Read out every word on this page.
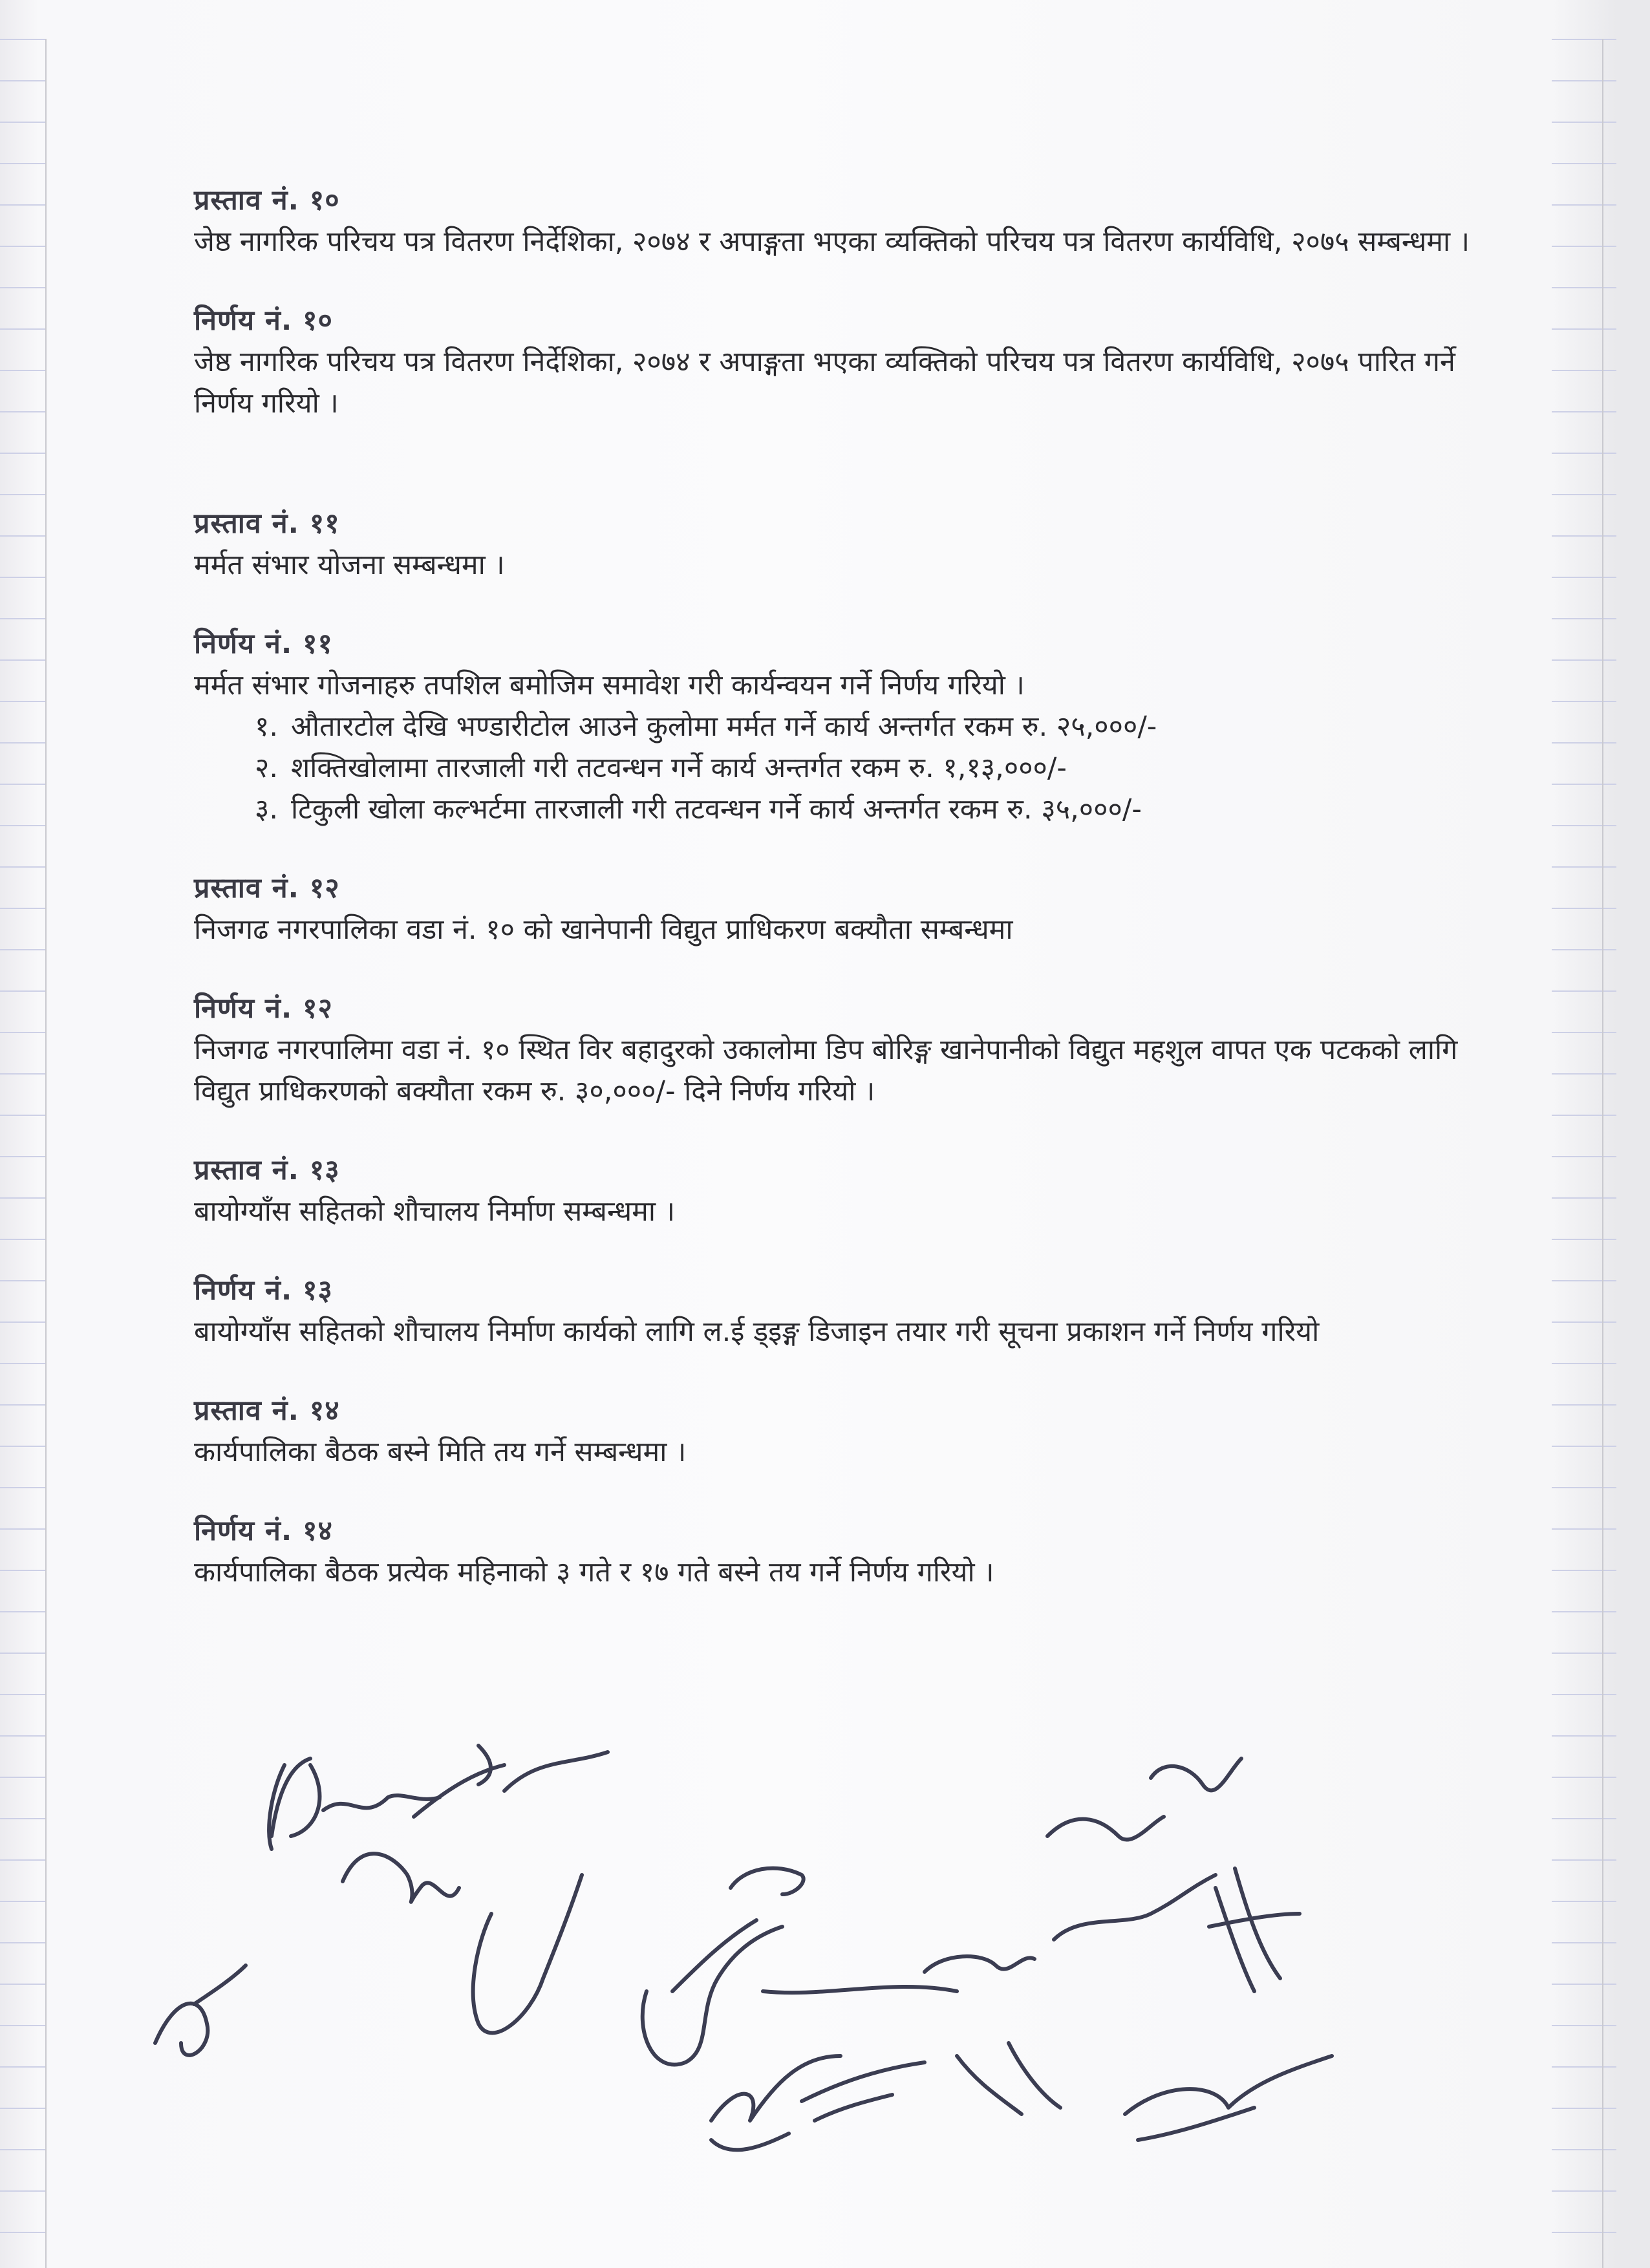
प्रस्ताव नं. १०
जेष्ठ नागरिक परिचय पत्र वितरण निर्देशिका, २०७४ र अपाङ्गता भएका व्यक्तिको परिचय पत्र वितरण कार्यविधि, २०७५ सम्बन्धमा ।
निर्णय नं. १०
जेष्ठ नागरिक परिचय पत्र वितरण निर्देशिका, २०७४ र अपाङ्गता भएका व्यक्तिको परिचय पत्र वितरण कार्यविधि, २०७५ पारित गर्ने निर्णय गरियो ।
प्रस्ताव नं. ११
मर्मत संभार योजना सम्बन्धमा ।
निर्णय नं. ११
मर्मत संभार गोजनाहरु तपशिल बमोजिम समावेश गरी कार्यन्वयन गर्ने निर्णय गरियो ।
१. औतारटोल देखि भण्डारीटोल आउने कुलोमा मर्मत गर्ने कार्य अन्तर्गत रकम रु. २५,०००/-
२. शक्तिखोलामा तारजाली गरी तटवन्धन गर्ने कार्य अन्तर्गत रकम रु. १,१३,०००/-
३. टिकुली खोला कल्भर्टमा तारजाली गरी तटवन्धन गर्ने कार्य अन्तर्गत रकम रु. ३५,०००/-
प्रस्ताव नं. १२
निजगढ नगरपालिका वडा नं. १० को खानेपानी विद्युत प्राधिकरण बक्यौता सम्बन्धमा
निर्णय नं. १२
निजगढ नगरपालिमा वडा नं. १० स्थित विर बहादुरको उकालोमा डिप बोरिङ्ग खानेपानीको विद्युत महशुल वापत एक पटकको लागि विद्युत प्राधिकरणको बक्यौता रकम रु. ३०,०००/- दिने निर्णय गरियो ।
प्रस्ताव नं. १३
बायोग्याँस सहितको शौचालय निर्माण सम्बन्धमा ।
निर्णय नं. १३
बायोग्याँस सहितको शौचालय निर्माण कार्यको लागि ल.ई ड्इङ्ग डिजाइन तयार गरी सूचना प्रकाशन गर्ने निर्णय गरियो
प्रस्ताव नं. १४
कार्यपालिका बैठक बस्ने मिति तय गर्ने सम्बन्धमा ।
निर्णय नं. १४
कार्यपालिका बैठक प्रत्येक महिनाको ३ गते र १७ गते बस्ने तय गर्ने निर्णय गरियो ।
